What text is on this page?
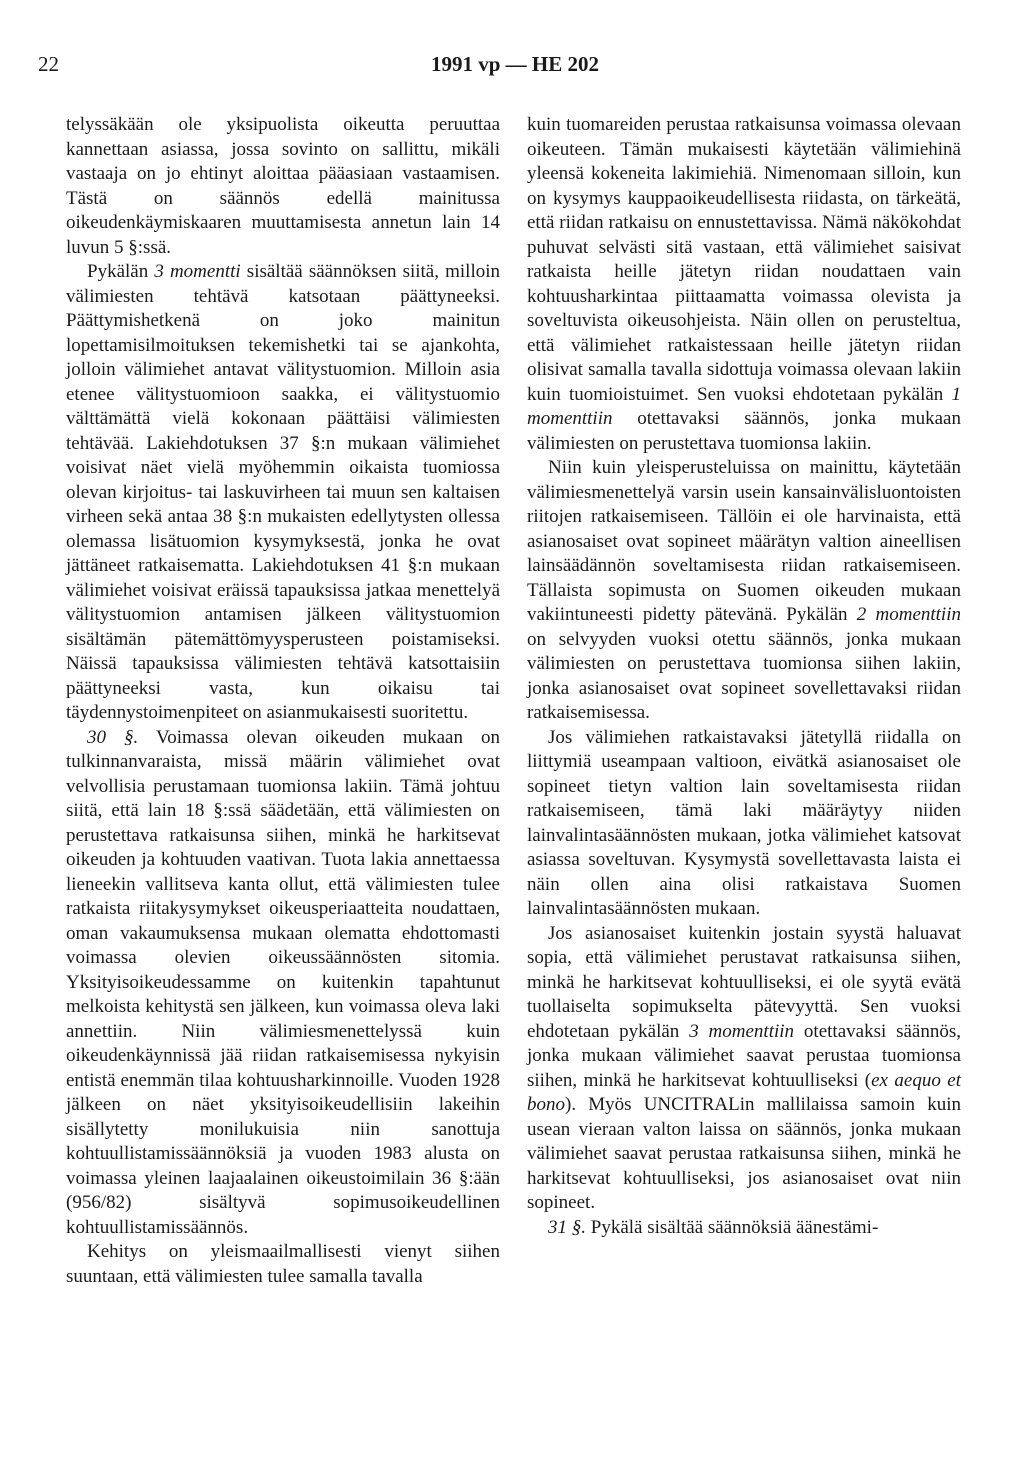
22	1991 vp — HE 202

telyssäkään ole yksipuolista oikeutta peruuttaa kannettaan asiassa, jossa sovinto on sallittu, mikäli vastaaja on jo ehtinyt aloittaa pääasiaan vastaamisen. Tästä on säännös edellä mainitussa oikeudenkäymiskaaren muuttamisesta annetun lain 14 luvun 5 §:ssä.

Pykälän 3 momentti sisältää säännöksen siitä, milloin välimiesten tehtävä katsotaan päättyneeksi. Päättymishetkenä on joko mainitun lopettamisilmoituksen tekemishetki tai se ajankohta, jolloin välimiehet antavat välitystuomion. Milloin asia etenee välitystuomioon saakka, ei välitystuomio välttämättä vielä kokonaan päättäisi välimiesten tehtävää. Lakiehdotuksen 37 §:n mukaan välimiehet voisivat näet vielä myöhemmin oikaista tuomiossa olevan kirjoitus- tai laskuvirheen tai muun sen kaltaisen virheen sekä antaa 38 §:n mukaisten edellytysten ollessa olemassa lisätuomion kysymyksestä, jonka he ovat jättäneet ratkaisematta. Lakiehdotuksen 41 §:n mukaan välimiehet voisivat eräissä tapauksissa jatkaa menettelyä välitystuomion antamisen jälkeen välitystuomion sisältämän pätemättömyysperusteen poistamiseksi. Näissä tapauksissa välimiesten tehtävä katsottaisiin päättyneeksi vasta, kun oikaisu tai täydennystoimenpiteet on asianmukaisesti suoritettu.

30 §. Voimassa olevan oikeuden mukaan on tulkinnanvaraista, missä määrin välimiehet ovat velvollisia perustamaan tuomionsa lakiin. Tämä johtuu siitä, että lain 18 §:ssä säädetään, että välimiesten on perustettava ratkaisunsa siihen, minkä he harkitsevat oikeuden ja kohtuuden vaativan. Tuota lakia annettaessa lieneekin vallitseva kanta ollut, että välimiesten tulee ratkaista riitakysymykset oikeusperiaatteita noudattaen, oman vakaumuksensa mukaan olematta ehdottomasti voimassa olevien oikeussäännösten sitomia. Yksityisoikeudessamme on kuitenkin tapahtunut melkoista kehitystä sen jälkeen, kun voimassa oleva laki annettiin. Niin välimiesmenettelyssä kuin oikeudenkäynnissä jää riidan ratkaisemisessa nykyisin entistä enemmän tilaa kohtuusharkinnoille. Vuoden 1928 jälkeen on näet yksityisoikeudellisiin lakeihin sisällytetty monilukuisia niin sanottuja kohtuullistamissäännöksiä ja vuoden 1983 alusta on voimassa yleinen laajaalainen oikeustoimilain 36 §:ään (956/82) sisältyvä sopimusoikeudellinen kohtuullistamissäännös.

Kehitys on yleismaailmallisesti vienyt siihen suuntaan, että välimiesten tulee samalla tavalla

kuin tuomareiden perustaa ratkaisunsa voimassa olevaan oikeuteen. Tämän mukaisesti käytetään välimiehinä yleensä kokeneita lakimiehiä. Nimenomaan silloin, kun on kysymys kauppaoikeudellisesta riidasta, on tärkeätä, että riidan ratkaisu on ennustettavissa. Nämä näkökohdat puhuvat selvästi sitä vastaan, että välimiehet saisivat ratkaista heille jätetyn riidan noudattaen vain kohtuusharkintaa piittaamatta voimassa olevista ja soveltuvista oikeusohjeista. Näin ollen on perusteltua, että välimiehet ratkaistessaan heille jätetyn riidan olisivat samalla tavalla sidottuja voimassa olevaan lakiin kuin tuomioistuimet. Sen vuoksi ehdotetaan pykälän 1 momenttiin otettavaksi säännös, jonka mukaan välimiesten on perustettava tuomionsa lakiin.

Niin kuin yleisperusteluissa on mainittu, käytetään välimiesmenettelyä varsin usein kansainvälisluontoisten riitojen ratkaisemiseen. Tällöin ei ole harvinaista, että asianosaiset ovat sopineet määrätyn valtion aineellisen lainsäädännön soveltamisesta riidan ratkaisemiseen. Tällaista sopimusta on Suomen oikeuden mukaan vakiintuneesti pidetty pätevänä. Pykälän 2 momenttiin on selvyyden vuoksi otettu säännös, jonka mukaan välimiesten on perustettava tuomionsa siihen lakiin, jonka asianosaiset ovat sopineet sovellettavaksi riidan ratkaisemisessa.

Jos välimiehen ratkaistavaksi jätetyllä riidalla on liittymiä useampaan valtioon, eivätkä asianosaiset ole sopineet tietyn valtion lain soveltamisesta riidan ratkaisemiseen, tämä laki määräytyy niiden lainvalintasäännösten mukaan, jotka välimiehet katsovat asiassa soveltuvan. Kysymystä sovellettavasta laista ei näin ollen aina olisi ratkaistava Suomen lainvalintasäännösten mukaan.

Jos asianosaiset kuitenkin jostain syystä haluavat sopia, että välimiehet perustavat ratkaisunsa siihen, minkä he harkitsevat kohtuulliseksi, ei ole syytä evätä tuollaiselta sopimukselta pätevyyttä. Sen vuoksi ehdotetaan pykälän 3 momenttiin otettavaksi säännös, jonka mukaan välimiehet saavat perustaa tuomionsa siihen, minkä he harkitsevat kohtuulliseksi (ex aequo et bono). Myös UNCITRALin mallilaissa samoin kuin usean vieraan valton laissa on säännös, jonka mukaan välimiehet saavat perustaa ratkaisunsa siihen, minkä he harkitsevat kohtuulliseksi, jos asianosaiset ovat niin sopineet.

31 §. Pykälä sisältää säännöksiä äänestämi-
